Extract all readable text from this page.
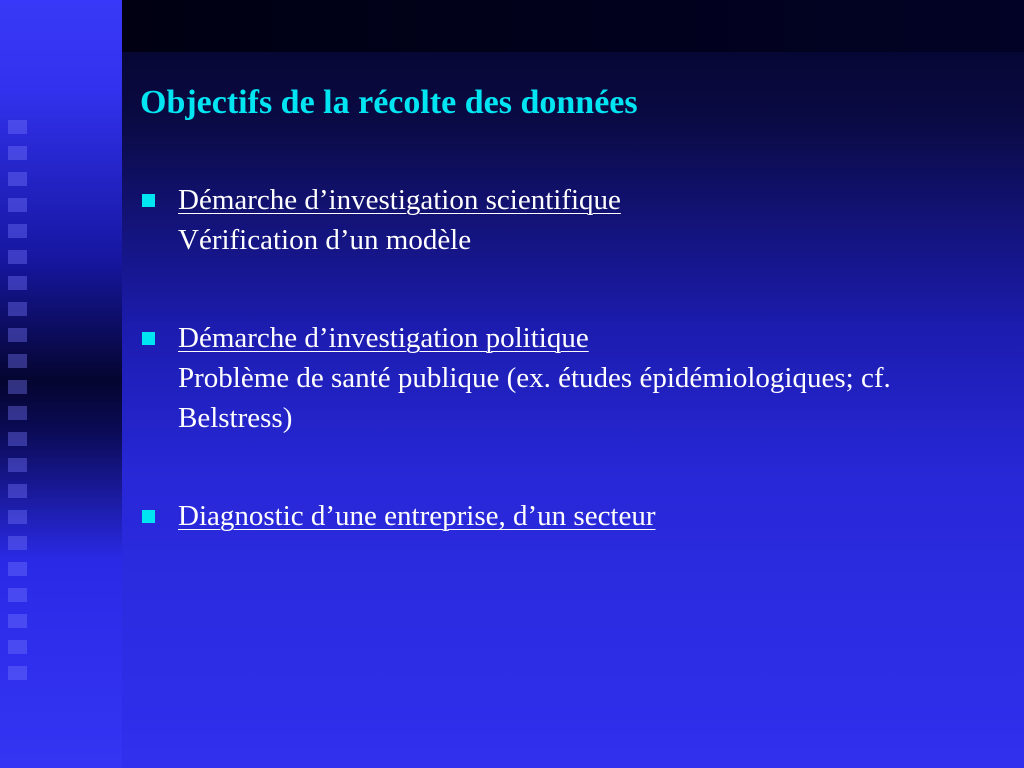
Objectifs de la récolte des données
Démarche d’investigation scientifique
Vérification d’un modèle
Démarche d’investigation politique
Problème de santé publique (ex. études épidémiologiques; cf. Belstress)
Diagnostic d’une entreprise, d’un secteur
